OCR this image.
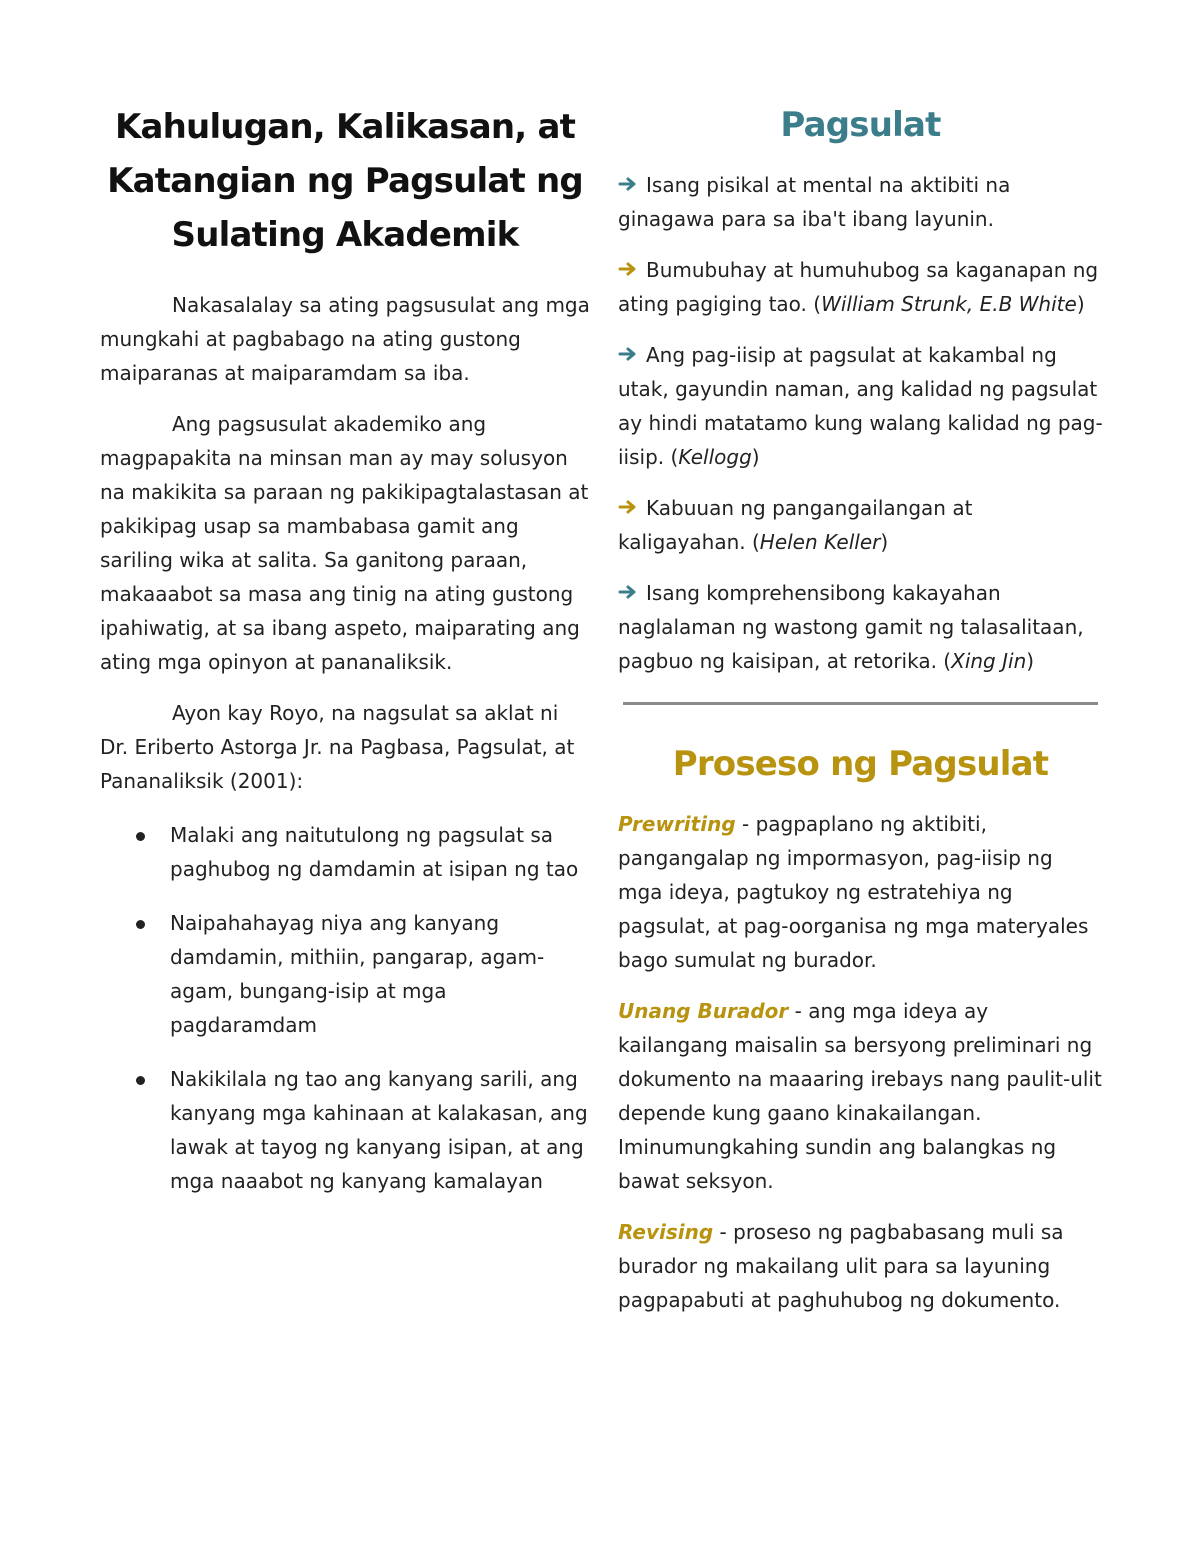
Kahulugan, Kalikasan, at Katangian ng Pagsulat ng Sulating Akademik

Nakasalalay sa ating pagsusulat ang mga mungkahi at pagbabago na ating gustong maiparanas at maiparamdam sa iba.

Ang pagsusulat akademiko ang magpapakita na minsan man ay may solusyon na makikita sa paraan ng pakikipagtalastasan at pakikipag usap sa mambabasa gamit ang sariling wika at salita. Sa ganitong paraan, makaaabot sa masa ang tinig na ating gustong ipahiwatig, at sa ibang aspeto, maiparating ang ating mga opinyon at pananaliksik.

Ayon kay Royo, na nagsulat sa aklat ni Dr. Eriberto Astorga Jr. na Pagbasa, Pagsulat, at Pananaliksik (2001):

Malaki ang naitutulong ng pagsulat sa paghubog ng damdamin at isipan ng tao
Naipahahayag niya ang kanyang damdamin, mithiin, pangarap, agam-agam, bungang-isip at mga pagdaramdam
Nakikilala ng tao ang kanyang sarili, ang kanyang mga kahinaan at kalakasan, ang lawak at tayog ng kanyang isipan, at ang mga naaabot ng kanyang kamalayan
Pagsulat

Isang pisikal at mental na aktibiti na ginagawa para sa iba't ibang layunin.

Bumubuhay at humuhubog sa kaganapan ng ating pagiging tao. (William Strunk, E.B White)

Ang pag-iisip at pagsulat at kakambal ng utak, gayundin naman, ang kalidad ng pagsulat ay hindi matatamo kung walang kalidad ng pag-iisip. (Kellogg)

Kabuuan ng pangangailangan at kaligayahan. (Helen Keller)

Isang komprehensibong kakayahan naglalaman ng wastong gamit ng talasalitaan, pagbuo ng kaisipan, at retorika. (Xing Jin)

Proseso ng Pagsulat

Prewriting - pagpaplano ng aktibiti, pangangalap ng impormasyon, pag-iisip ng mga ideya, pagtukoy ng estratehiya ng pagsulat, at pag-oorganisa ng mga materyales bago sumulat ng burador.

Unang Burador - ang mga ideya ay kailangang maisalin sa bersyong preliminari ng dokumento na maaaring irebays nang paulit-ulit depende kung gaano kinakailangan. Iminumungkahing sundin ang balangkas ng bawat seksyon.

Revising - proseso ng pagbabasang muli sa burador ng makailang ulit para sa layuning pagpapabuti at paghuhubog ng dokumento.
